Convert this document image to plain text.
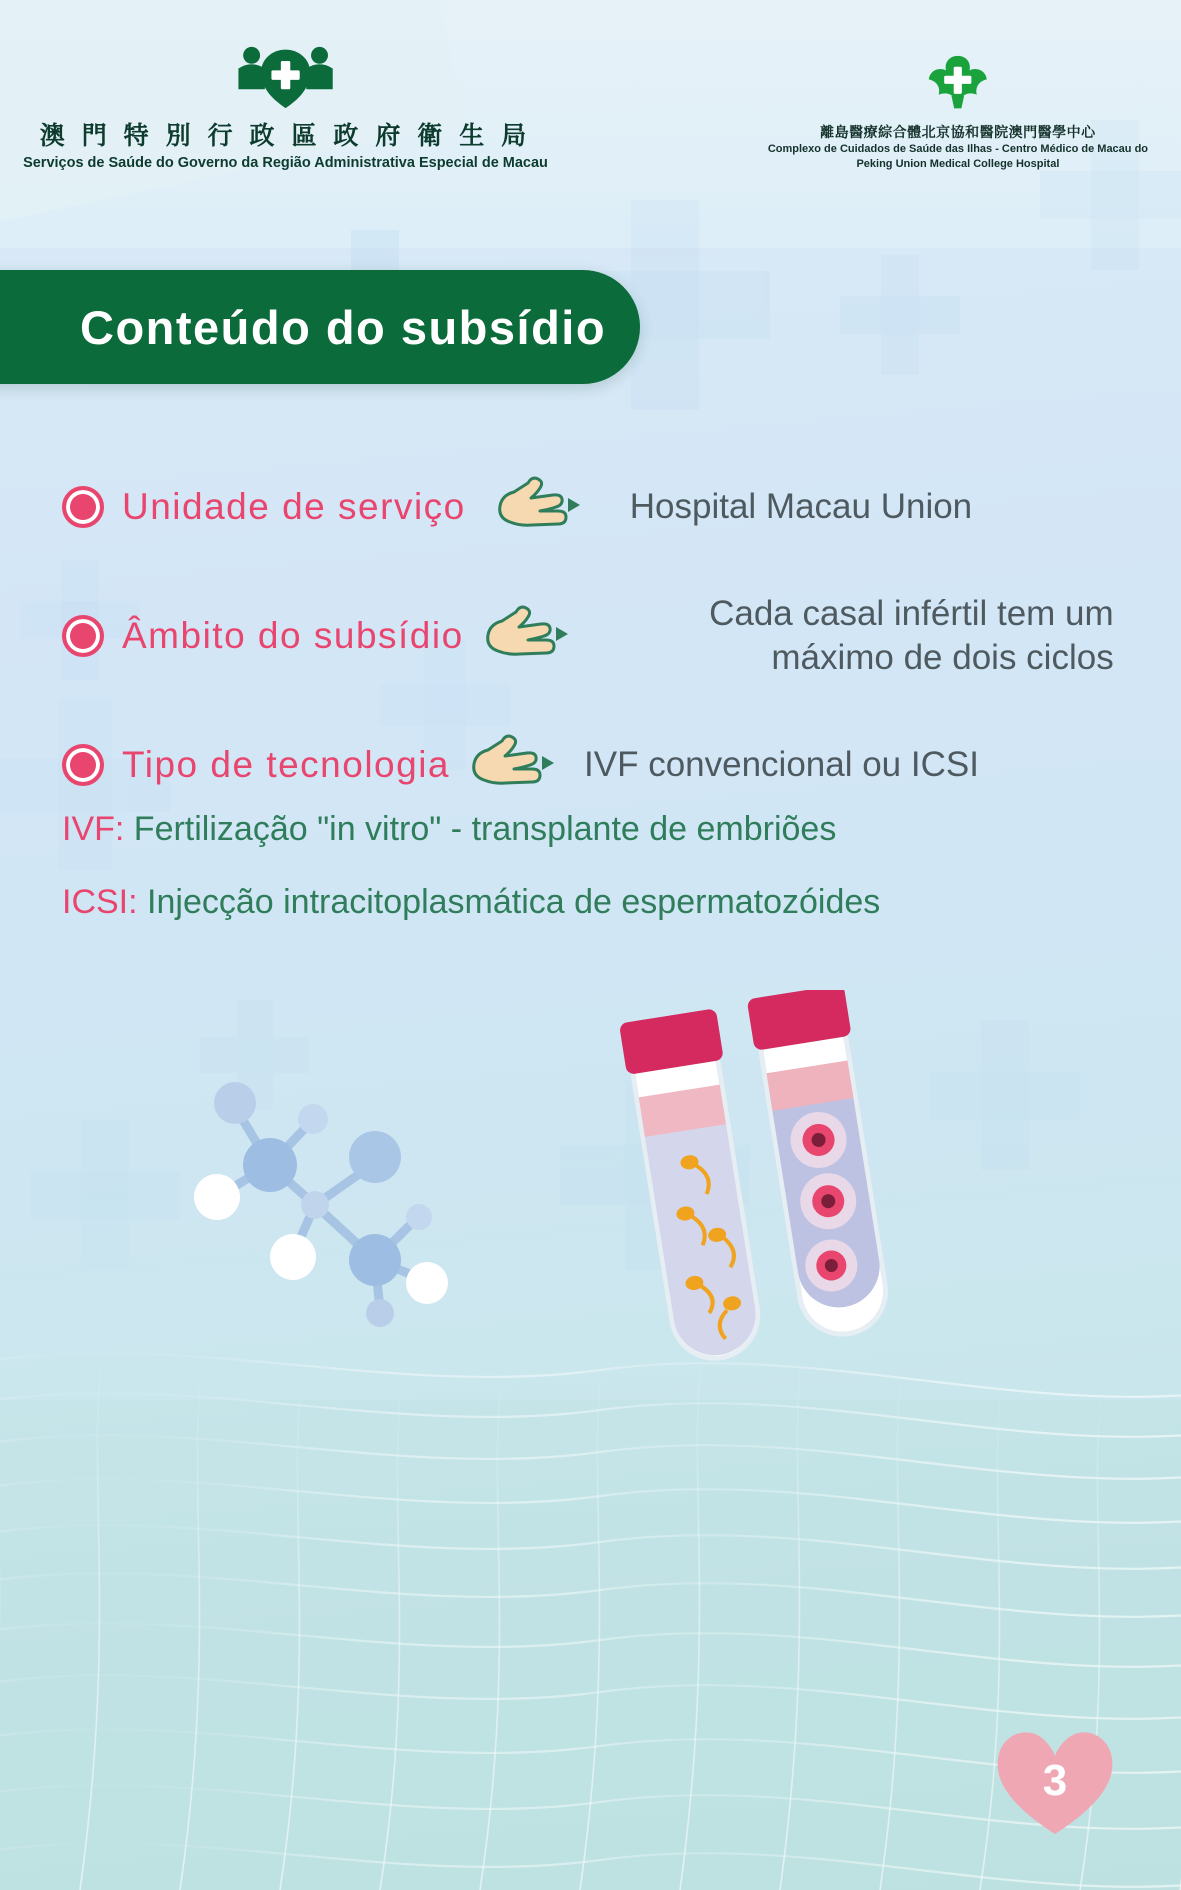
澳 門 特 別 行 政 區 政 府 衛 生 局
Serviços de Saúde do Governo da Região Administrativa Especial de Macau
離島醫療綜合體北京協和醫院澳門醫學中心
Complexo de Cuidados de Saúde das Ilhas - Centro Médico de Macau do Peking Union Medical College Hospital
Conteúdo do subsídio
Unidade de serviço	Hospital Macau Union
Âmbito do subsídio
Cada casal infértil tem um máximo de dois ciclos
Tipo de tecnologia	IVF convencional ou ICSI
IVF: Fertilização "in vitro" - transplante de embriões
ICSI: Injecção intracitoplasmática de espermatozóides
3
